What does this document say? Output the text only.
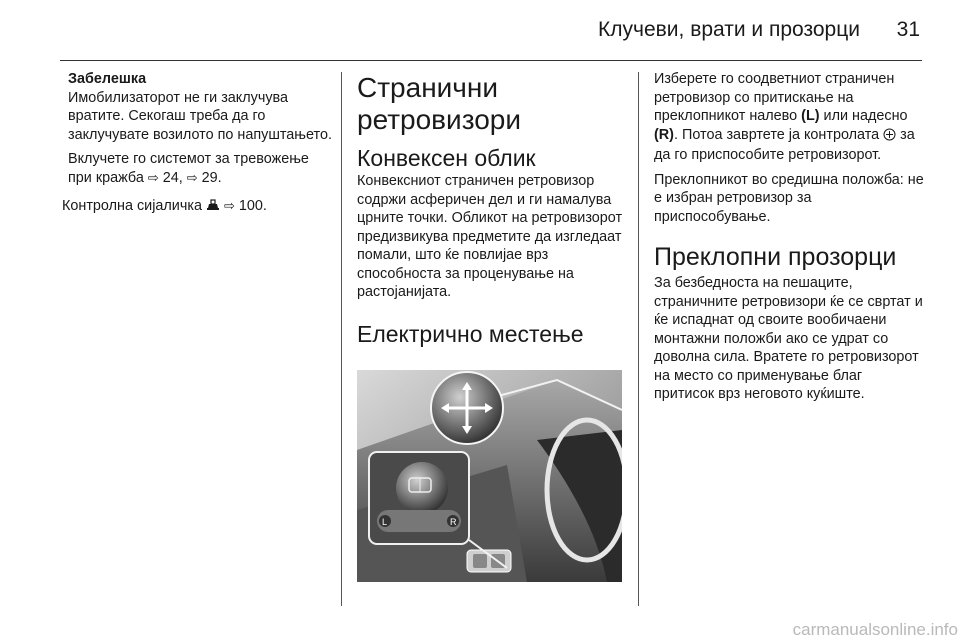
Клучеви, врати и прозорци	31

Забелешка

Имобилизаторот не ги заклучува вратите. Секогаш треба да го заклучувате возилото по напуштањето.

Вклучете го системот за тревожење при кражба ⇨ 24, ⇨ 29.

Контролна сијаличка ⇨ 100.

Странични ретровизори
Конвексен облик

Конвексниот страничен ретровизор содржи асферичен дел и ги намалува црните точки. Обликот на ретровизорот предизвикува предметите да изгледаат помали, што ќе повлијае врз способноста за проценување на растојанијата.

Електрично местење
L	R

Изберете го соодветниот страничен ретровизор со притискање на преклопникот налево (L) или надесно (R). Потоа завртете ја контролата за да го приспособите ретровизорот.

Преклопникот во средишна положба: не е избран ретровизор за приспособување.

Преклопни прозорци

За безбедноста на пешаците, страничните ретровизори ќе се свртат и ќе испаднат од своите вообичаени монтажни положби ако се удрат со доволна сила. Вратете го ретровизорот на место со применување благ притисок врз неговото куќиште.

carmanualsonline.info
